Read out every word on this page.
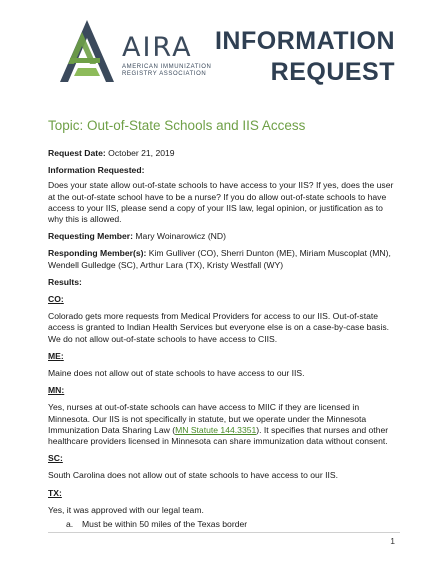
AIRA
AMERICAN IMMUNIZATION
REGISTRY ASSOCIATION
INFORMATION
REQUEST
Topic: Out-of-State Schools and IIS Access

Request Date: October 21, 2019

Information Requested:

Does your state allow out-of-state schools to have access to your IIS? If yes, does the user at the out-of-state school have to be a nurse? If you do allow out-of-state schools to have access to your IIS, please send a copy of your IIS law, legal opinion, or justification as to why this is allowed.

Requesting Member: Mary Woinarowicz (ND)

Responding Member(s): Kim Gulliver (CO), Sherri Dunton (ME), Miriam Muscoplat (MN), Wendell Gulledge (SC), Arthur Lara (TX), Kristy Westfall (WY)

Results:

CO:

Colorado gets more requests from Medical Providers for access to our IIS. Out-of-state access is granted to Indian Health Services but everyone else is on a case-by-case basis. We do not allow out-of-state schools to have access to CIIS.

ME:

Maine does not allow out of state schools to have access to our IIS.

MN:

Yes, nurses at out-of-state schools can have access to MIIC if they are licensed in Minnesota. Our IIS is not specifically in statute, but we operate under the Minnesota Immunization Data Sharing Law (MN Statute 144.3351). It specifies that nurses and other healthcare providers licensed in Minnesota can share immunization data without consent.

SC:

South Carolina does not allow out of state schools to have access to our IIS.

TX:

Yes, it was approved with our legal team.

a. Must be within 50 miles of the Texas border
1
